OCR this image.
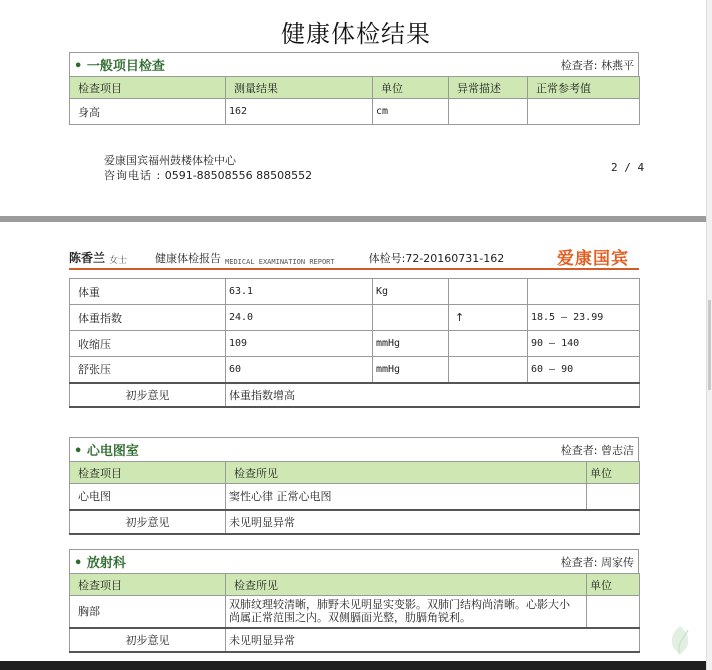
健康体检结果
• 一般项目检查	检查者: 林燕平
检查项目	测量结果	单位	异常描述	正常参考值
身高	162	cm		
爱康国宾福州鼓楼体检中心
咨询电话 : 0591-88508556 88508552
2 / 4
陈香兰 女士	健康体检报告 MEDICAL EXAMINATION REPORT	体检号:72-20160731-162	爱康国宾
体重	63.1	Kg		
体重指数	24.0		↑	18.5 — 23.99
收缩压	109	mmHg		90 — 140
舒张压	60	mmHg		60 — 90
初步意见	体重指数增高			
• 心电图室	检查者: 曾志洁
检查项目	检查所见	单位
心电图	窦性心律 正常心电图	
初步意见	未见明显异常	
• 放射科	检查者: 周家传
检查项目	检查所见	单位
胸部	双肺纹理较清晰，肺野未见明显实变影。双肺门结构尚清晰。心影大小尚属正常范围之内。双侧膈面光整，肋膈角锐利。	
初步意见	未见明显异常	
